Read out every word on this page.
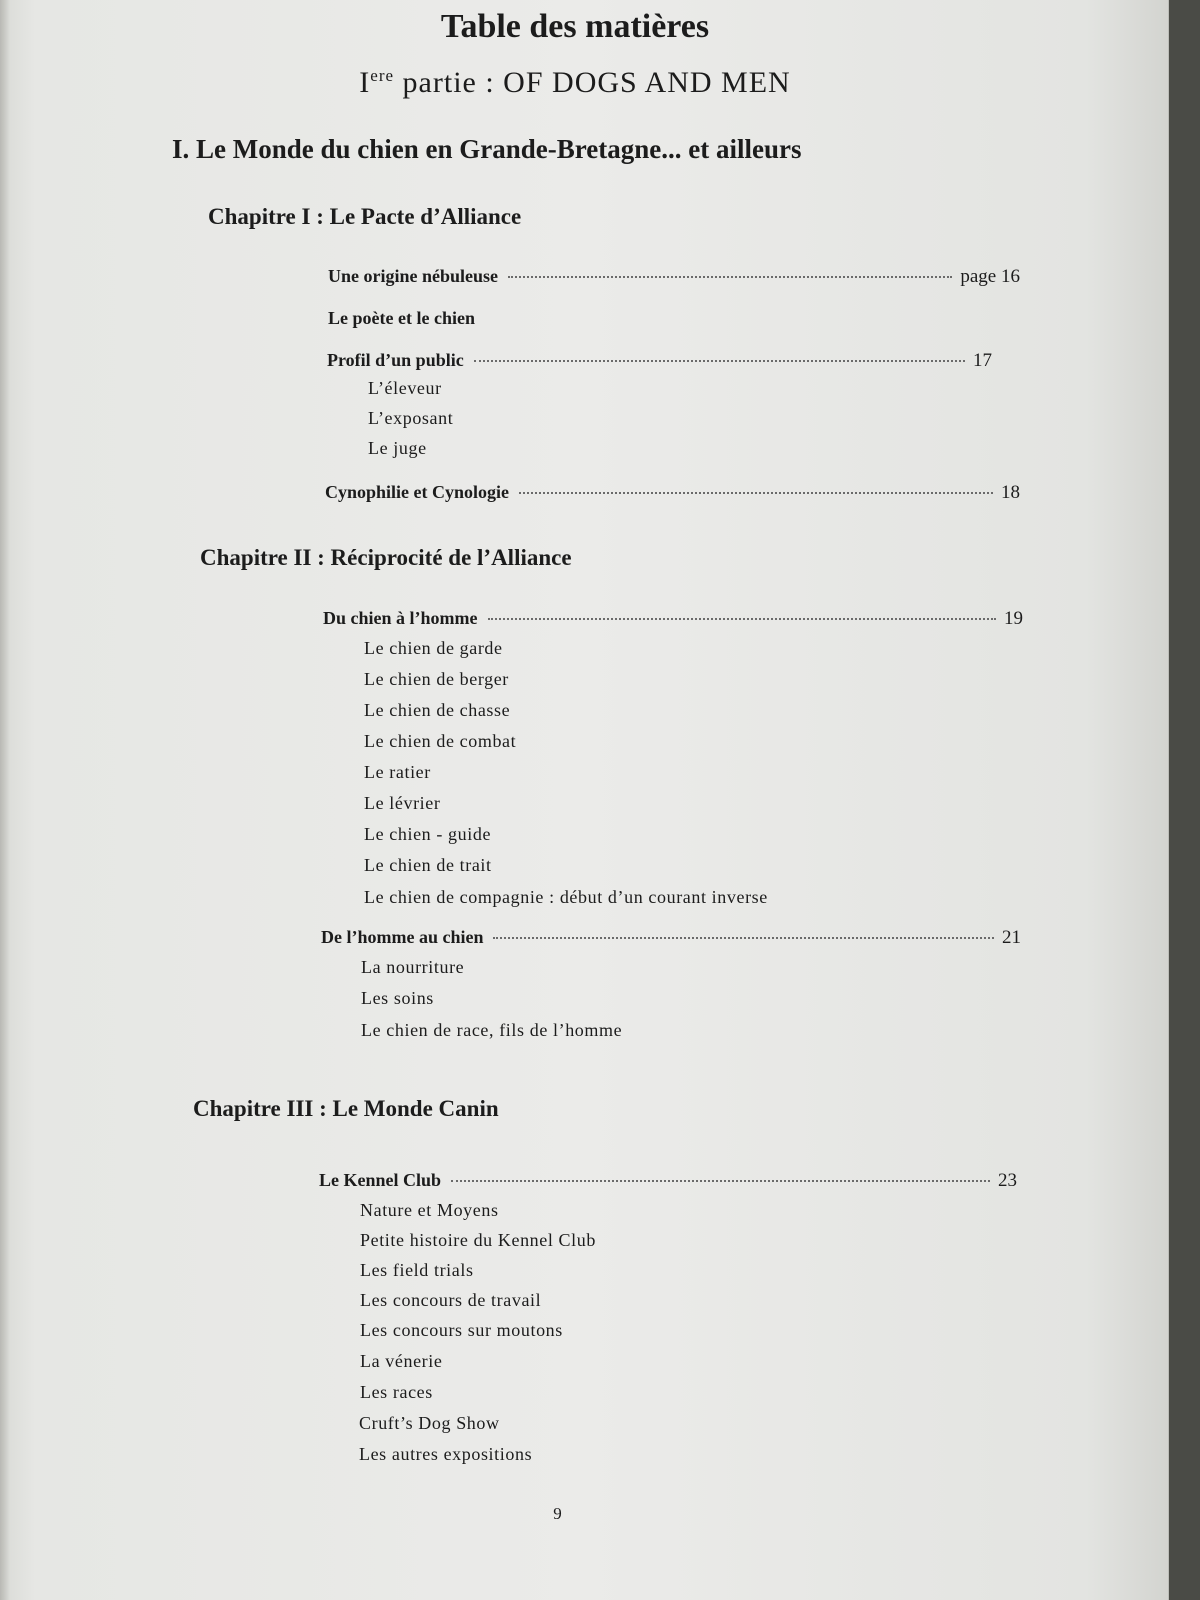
Table des matières
Iere partie : OF DOGS AND MEN
I. Le Monde du chien en Grande-Bretagne... et ailleurs
Chapitre I : Le Pacte d’Alliance
Une origine nébuleuse	page 16
Le poète et le chien
Profil d’un public	17
L’éleveur
L’exposant
Le juge
Cynophilie et Cynologie	18
Chapitre II : Réciprocité de l’Alliance
Du chien à l’homme	19
Le chien de garde
Le chien de berger
Le chien de chasse
Le chien de combat
Le ratier
Le lévrier
Le chien - guide
Le chien de trait
Le chien de compagnie : début d’un courant inverse
De l’homme au chien	21
La nourriture
Les soins
Le chien de race, fils de l’homme
Chapitre III : Le Monde Canin
Le Kennel Club	23
Nature et Moyens
Petite histoire du Kennel Club
Les field trials
Les concours de travail
Les concours sur moutons
La vénerie
Les races
Cruft’s Dog Show
Les autres expositions
9
